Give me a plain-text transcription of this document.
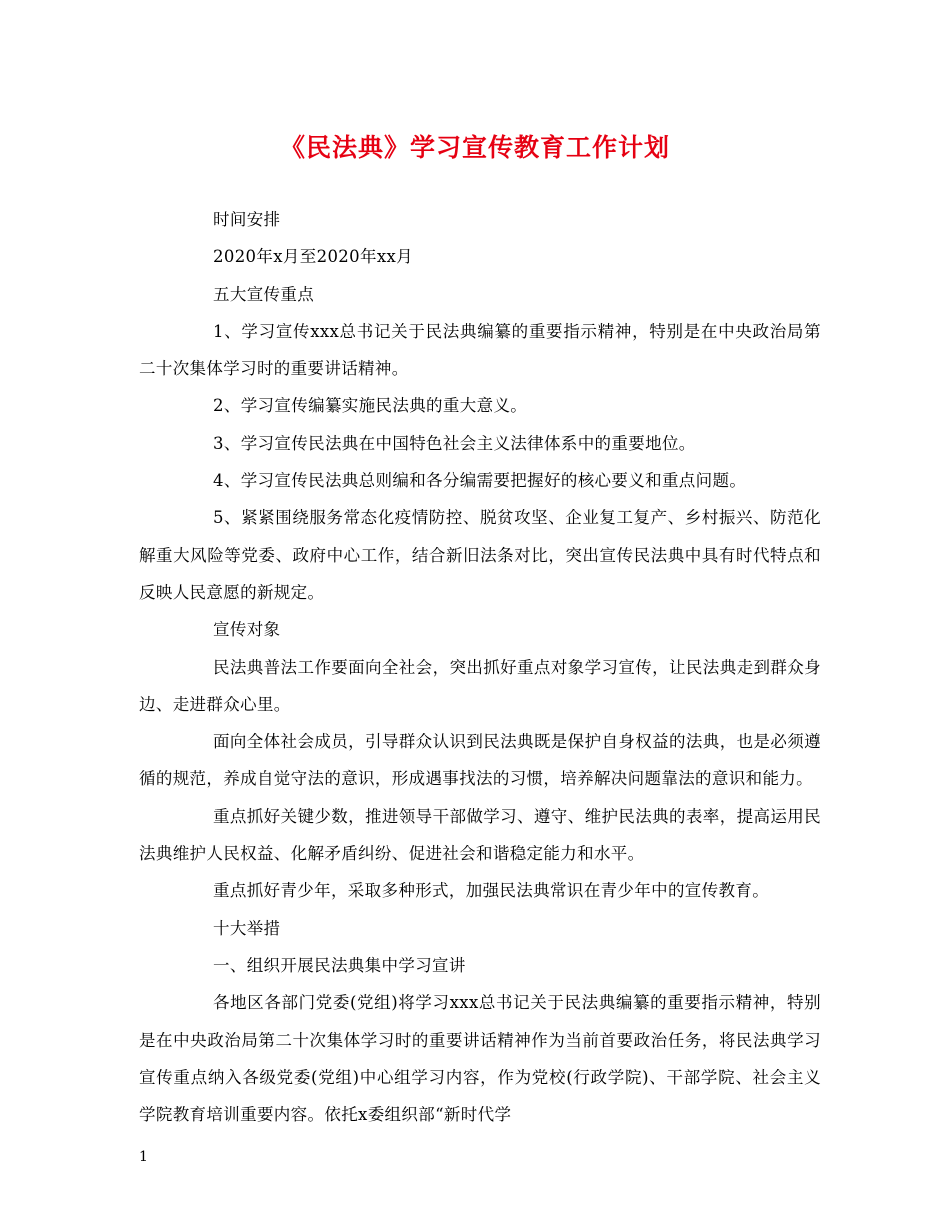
《民法典》学习宣传教育工作计划

时间安排

2020年x月至2020年xx月

五大宣传重点

1、学习宣传xxx总书记关于民法典编纂的重要指示精神，特别是在中央政治局第二十次集体学习时的重要讲话精神。

2、学习宣传编纂实施民法典的重大意义。

3、学习宣传民法典在中国特色社会主义法律体系中的重要地位。

4、学习宣传民法典总则编和各分编需要把握好的核心要义和重点问题。

5、紧紧围绕服务常态化疫情防控、脱贫攻坚、企业复工复产、乡村振兴、防范化解重大风险等党委、政府中心工作，结合新旧法条对比，突出宣传民法典中具有时代特点和反映人民意愿的新规定。

宣传对象

民法典普法工作要面向全社会，突出抓好重点对象学习宣传，让民法典走到群众身边、走进群众心里。

面向全体社会成员，引导群众认识到民法典既是保护自身权益的法典，也是必须遵循的规范，养成自觉守法的意识，形成遇事找法的习惯，培养解决问题靠法的意识和能力。

重点抓好关键少数，推进领导干部做学习、遵守、维护民法典的表率，提高运用民法典维护人民权益、化解矛盾纠纷、促进社会和谐稳定能力和水平。

重点抓好青少年，采取多种形式，加强民法典常识在青少年中的宣传教育。

十大举措

一、组织开展民法典集中学习宣讲

各地区各部门党委(党组)将学习xxx总书记关于民法典编纂的重要指示精神，特别是在中央政治局第二十次集体学习时的重要讲话精神作为当前首要政治任务，将民法典学习宣传重点纳入各级党委(党组)中心组学习内容，作为党校(行政学院)、干部学院、社会主义学院教育培训重要内容。依托x委组织部“新时代学

1
